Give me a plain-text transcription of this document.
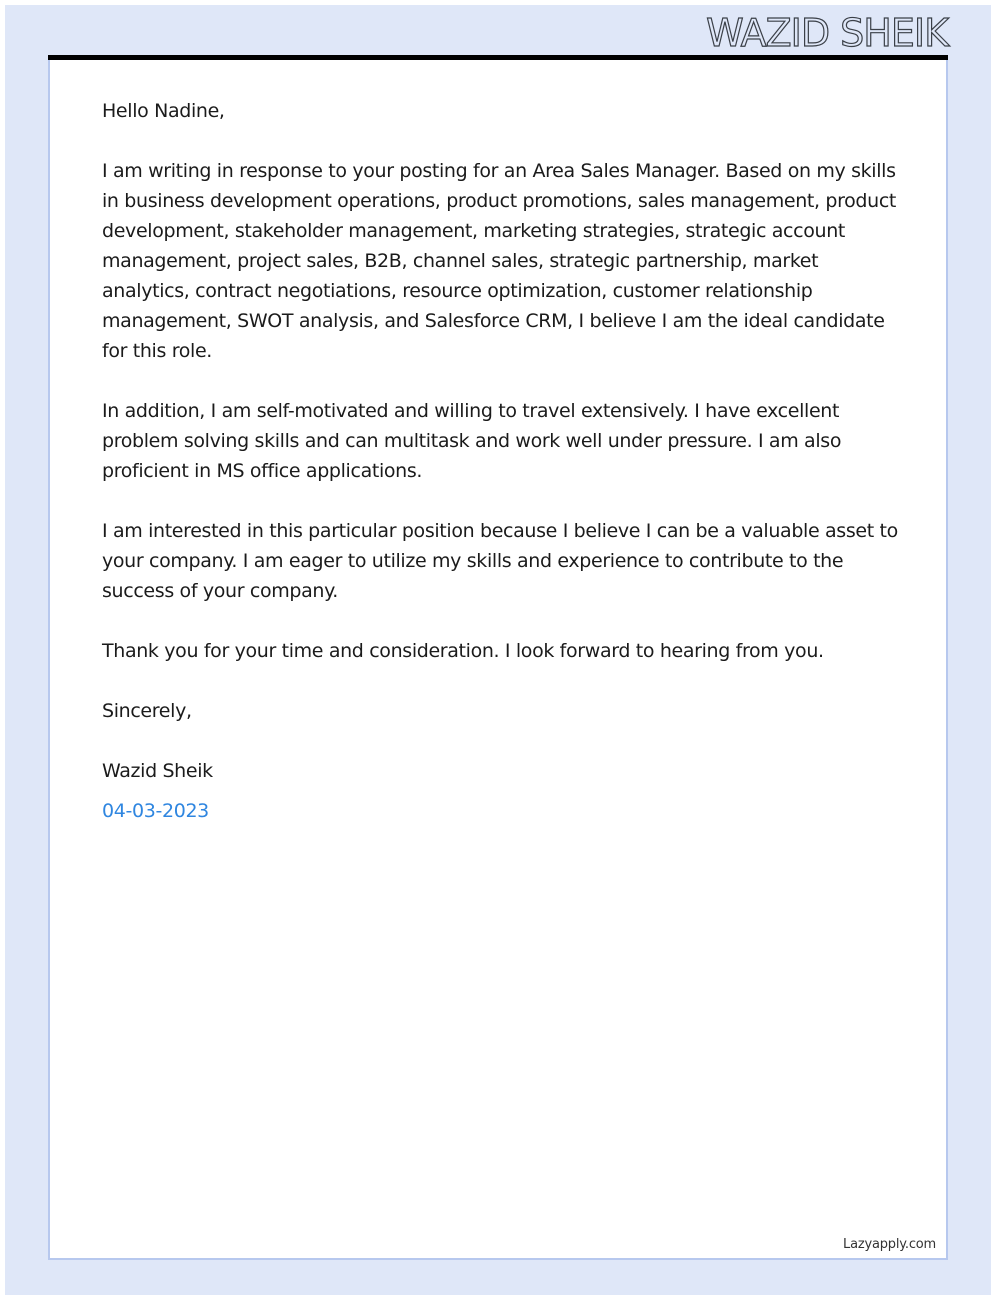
WAZID SHEIK

Hello Nadine,

I am writing in response to your posting for an Area Sales Manager. Based on my skills in business development operations, product promotions, sales management, product development, stakeholder management, marketing strategies, strategic account management, project sales, B2B, channel sales, strategic partnership, market analytics, contract negotiations, resource optimization, customer relationship management, SWOT analysis, and Salesforce CRM, I believe I am the ideal candidate for this role.

In addition, I am self-motivated and willing to travel extensively. I have excellent problem solving skills and can multitask and work well under pressure. I am also proficient in MS office applications.

I am interested in this particular position because I believe I can be a valuable asset to your company. I am eager to utilize my skills and experience to contribute to the success of your company.

Thank you for your time and consideration. I look forward to hearing from you.

Sincerely,

Wazid Sheik

04-03-2023

Lazyapply.com
